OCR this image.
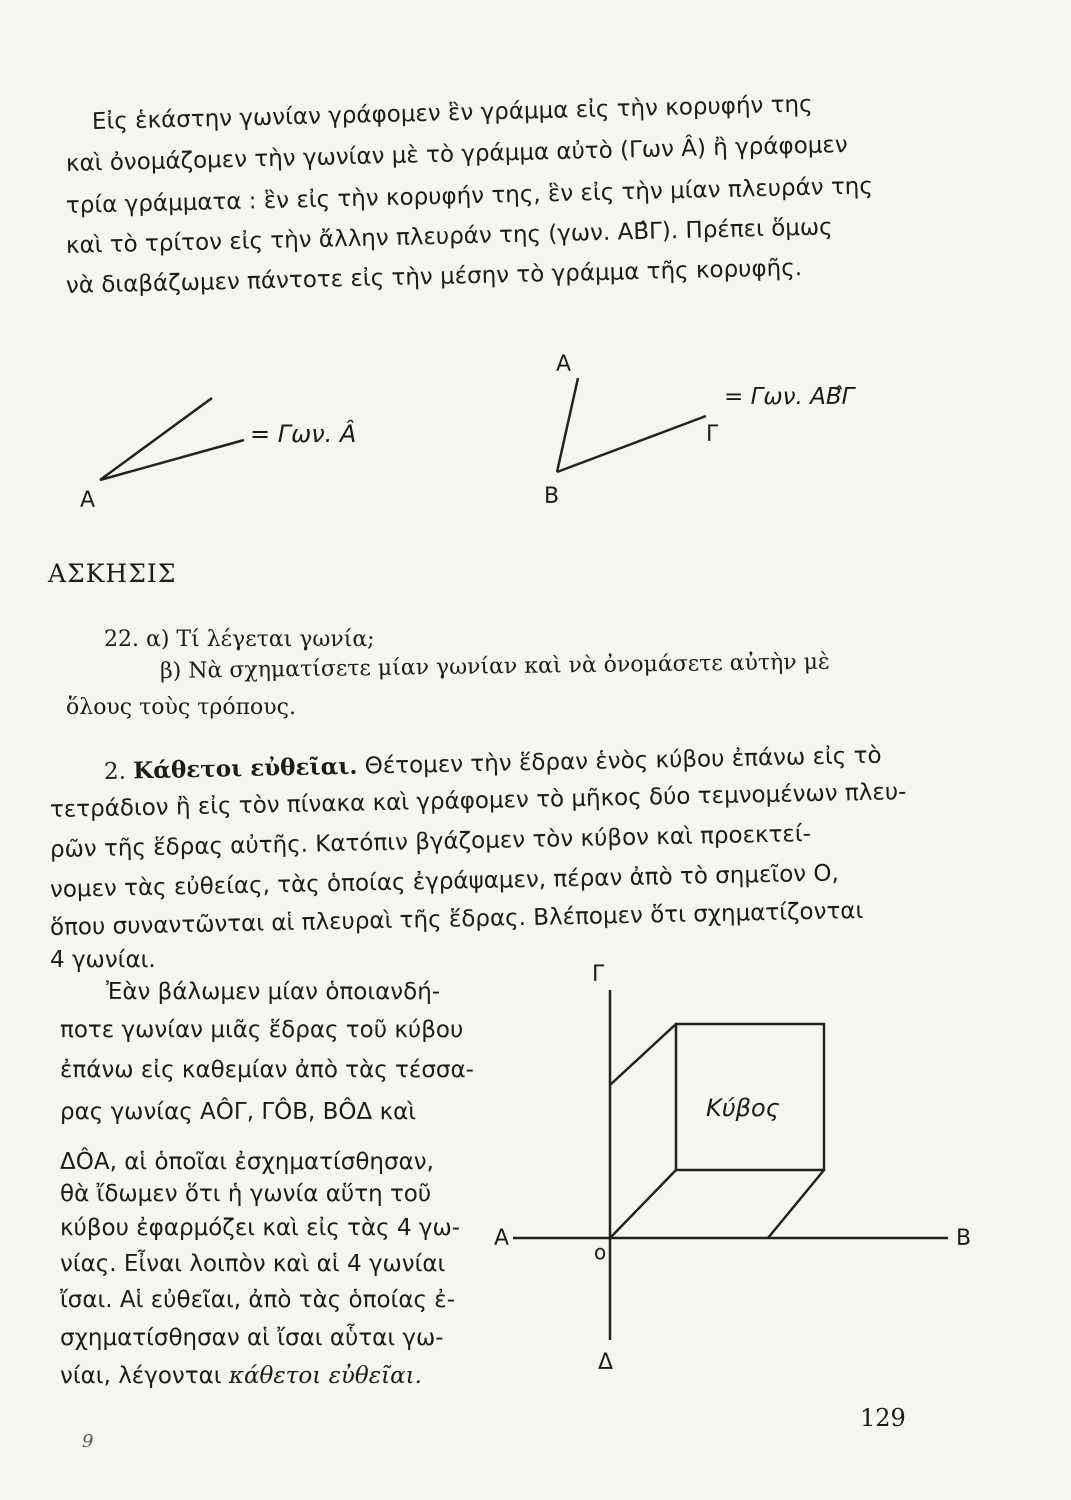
Εἰς ἑκάστην γωνίαν γράφομεν ἓν γράμμα εἰς τὴν κορυφήν της
καὶ ὀνομάζομεν τὴν γωνίαν μὲ τὸ γράμμα αὐτὸ (Γων Â) ἢ γράφομεν
τρία γράμματα : ἓν εἰς τὴν κορυφήν της, ἓν εἰς τὴν μίαν πλευράν της
καὶ τὸ τρίτον εἰς τὴν ἄλλην πλευράν της (γων. ΑΒ̂Γ). Πρέπει ὅμως
νὰ διαβάζωμεν πάντοτε εἰς τὴν μέσην τὸ γράμμα τῆς κορυφῆς.
Α
= Γων. Â
Α
Β
Γ
= Γων. ΑΒ̂Γ
ΑΣΚΗΣΙΣ
22. α) Τί λέγεται γωνία;
β) Νὰ σχηματίσετε μίαν γωνίαν καὶ νὰ ὀνομάσετε αὐτὴν μὲ
ὅλους τοὺς τρόπους.
2. Κάθετοι εὐθεῖαι. Θέτομεν τὴν ἕδραν ἑνὸς κύβου ἐπάνω εἰς τὸ
τετράδιον ἢ εἰς τὸν πίνακα καὶ γράφομεν τὸ μῆκος δύο τεμνομένων πλευ-
ρῶν τῆς ἕδρας αὐτῆς. Κατόπιν βγάζομεν τὸν κύβον καὶ προεκτεί-
νομεν τὰς εὐθείας, τὰς ὁποίας ἐγράψαμεν, πέραν ἀπὸ τὸ σημεῖον Ο,
ὅπου συναντῶνται αἱ πλευραὶ τῆς ἕδρας. Βλέπομεν ὅτι σχηματίζονται
4 γωνίαι.
Ἐὰν βάλωμεν μίαν ὁποιανδή-
ποτε γωνίαν μιᾶς ἕδρας τοῦ κύβου
ἐπάνω εἰς καθεμίαν ἀπὸ τὰς τέσσα-
ρας γωνίας ΑÔΓ, ΓÔΒ, ΒÔΔ καὶ
ΔÔΑ, αἱ ὁποῖαι ἐσχηματίσθησαν,
θὰ ἴδωμεν ὅτι ἡ γωνία αὕτη τοῦ
κύβου ἐφαρμόζει καὶ εἰς τὰς 4 γω-
νίας. Εἶναι λοιπὸν καὶ αἱ 4 γωνίαι
ἴσαι. Αἱ εὐθεῖαι, ἀπὸ τὰς ὁποίας ἐ-
σχηματίσθησαν αἱ ἴσαι αὗται γω-
νίαι, λέγονται κάθετοι εὐθεῖαι.
Γ
Α	Β
ο
Δ
Κύβος
129
9
